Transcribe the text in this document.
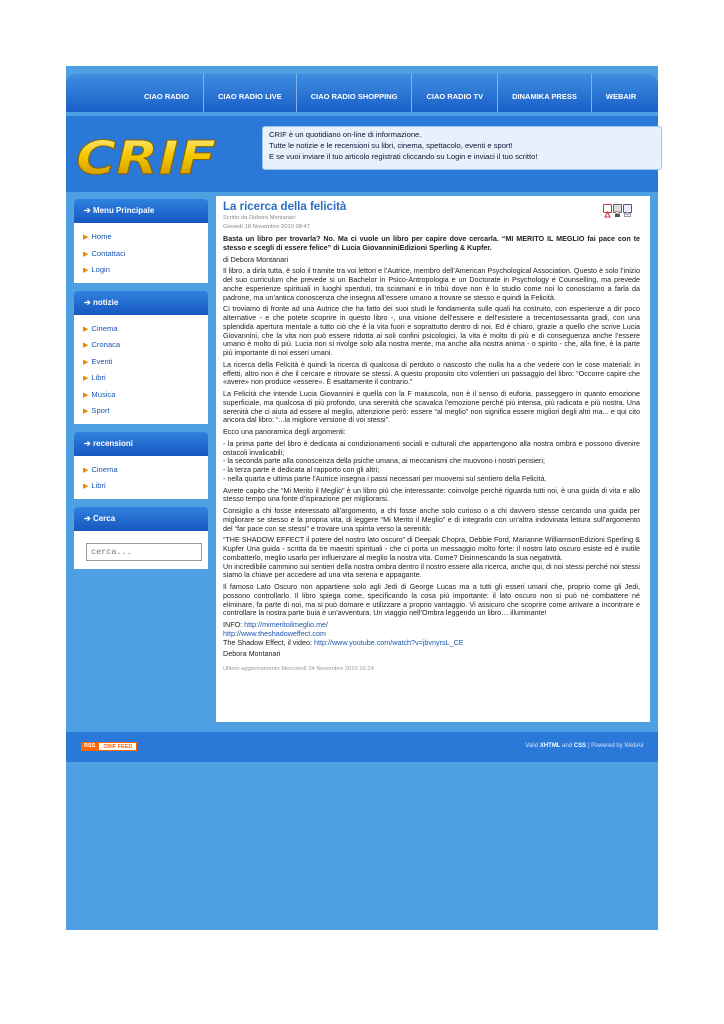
CIAO RADIO	CIAO RADIO LIVE	CIAO RADIO SHOPPING	CIAO RADIO TV	DINAMIKA PRESS	WEBAIR
CRIF	CRIF è un quotidiano on-line di informazione.
Tutte le notizie e le recensioni su libri, cinema, spettacolo, eventi e sport!
E se vuoi inviare il tuo articolo registrati cliccando su Login e inviaci il tuo scritto!
➔ Menu Principale
▶ Home
▶ Contattaci
▶ Login
➔ notizie
▶ Cinema
▶ Cronaca
▶ Eventi
▶ Libri
▶ Musica
▶ Sport
➔ recensioni
▶ Cinema
▶ Libri
➔ Cerca
cerca...
La ricerca della felicità
Scritto da Debora Montanari
Giovedì 18 Novembre 2010 08:47

Basta un libro per trovarla? No. Ma ci vuole un libro per capire dove cercarla. “MI MERITO IL MEGLIO fai pace con te stesso e scegli di essere felice” di Lucia GiovanniniEdizioni Sperling & Kupfer.

di Debora Montanari

Il libro, a dirla tutta, è solo il tramite tra voi lettori e l’Autrice, membro dell’American Psychological Association. Questo è solo l’inizio del suo curriculum che prevede si un Bachelor in Psico-Antropologia e un Doctorate in Psychology e Counselling, ma prevede anche esperienze spirituali in luoghi sperduti, tra sciamani e in tribù dove non è lo studio come noi lo conosciamo a farla da padrone, ma un’antica conoscenza che insegna all’essere umano a trovare se stesso e quindi la Felicità.

Ci troviamo di fronte ad una Autrice che ha fatto dei suoi studi le fondamenta sulle quali ha costruito, con esperienze a dir poco alternative - e che potete scoprire in questo libro -, una visione dell’essere e dell’esistere a trecentosessanta gradi, con una splendida apertura mentale a tutto ciò che è la vita fuori e soprattutto dentro di noi. Ed è chiaro, grazie a quello che scrive Lucia Giovannini, che la vita non può essere ridotta ai soli confini psicologici, la vita è molto di più e di conseguenza anche l’essere umano è molto di più. Lucia non si rivolge solo alla nostra mente, ma anche alla nostra anima - o spirito - che, alla fine, è la parte più importante di noi esseri umani.

La ricerca della Felicità è quindi la ricerca di qualcosa di perduto o nascosto che nulla ha a che vedere con le cose materiali: in effetti, altro non è che il cercare e ritrovare se stessi. A questo proposito cito volentieri un passaggio del libro: “Occorre capire che «avere» non produce «essere». È esattamente il contrario.”

La Felicità che intende Lucia Giovannini è quella con la F maiuscola, non è il senso di euforia, passeggero in quanto emozione superficiale, ma qualcosa di più profondo, una serenità che scavalca l’emozione perché più intensa, più radicata e più nostra. Una serenità che ci aiuta ad essere al meglio, attenzione però: essere “al meglio” non significa essere migliori degli altri ma... e qui cito ancora dal libro: “...la migliore versione di voi stessi”.

Ecco una panoramica degli argomenti:

- la prima parte del libro è dedicata ai condizionamenti sociali e culturali che appartengono alla nostra ombra e possono divenire ostacoli invalicabili;
- la seconda parte alla conoscenza della psiche umana, ai meccanismi che muovono i nostri pensieri;
- la terza parte è dedicata al rapporto con gli altri;
- nella quarta e ultima parte l’Autrice insegna i passi necessari per muoversi sul sentiero della Felicità.

Avrete capito che “Mi Merito il Meglio” è un libro più che interessante: coinvolge perché riguarda tutti noi, è una guida di vita e allo stesso tempo una fonte d’ispirazione per migliorarsi.

Consiglio a chi fosse interessato all’argomento, a chi fosse anche solo curioso o a chi davvero stesse cercando una guida per migliorare se stesso e la propria vita, di leggere “Mi Merito il Meglio” e di integrarlo con un’altra indovinata lettura sull’argomento del “far pace con se stessi” e trovare una spinta verso la serenità:

“THE SHADOW EFFECT il potere del nostro lato oscuro” di Deepak Chopra, Debbie Ford, Marianne WilliamsonEdizioni Sperling & Kupfer Una guida - scritta da tre maestri spirituali - che ci porta un messaggio molto forte: il nostro lato oscuro esiste ed è inutile combatterlo, meglio usarlo per influenzare al meglio la nostra vita. Come? Disinnescando la sua negatività.

Un incredibile cammino sui sentieri della nostra ombra dentro il nostro essere alla ricerca, anche qui, di noi stessi perché noi stessi siamo la chiave per accedere ad una vita serena e appagante.

Il famoso Lato Oscuro non appartiene solo agli Jedi di George Lucas ma a tutti gli esseri umani che, proprio come gli Jedi, possono controllarlo. Il libro spiega come, specificando la cosa più importante: il lato oscuro non si può né combattere né eliminare, fa parte di noi, ma si può domare e utilizzare a proprio vantaggio. Vi assicuro che scoprire come arrivare a incontrare e controllare la nostra parte buia è un’avventura. Un viaggio nell’Ombra leggendo un libro… illuminante!

INFO: http://mimeritoilmeglio.me/
http://www.theshadoweffect.com
The Shadow Effect, il video: http://www.youtube.com/watch?v=jbvnyrsL_CE

Debora Montanari

Ultimo aggiornamento Mercoledì 24 Novembre 2010 16:24
RSS	CRIF FEED	Valid XHTML and CSS | Powered by WebAir
